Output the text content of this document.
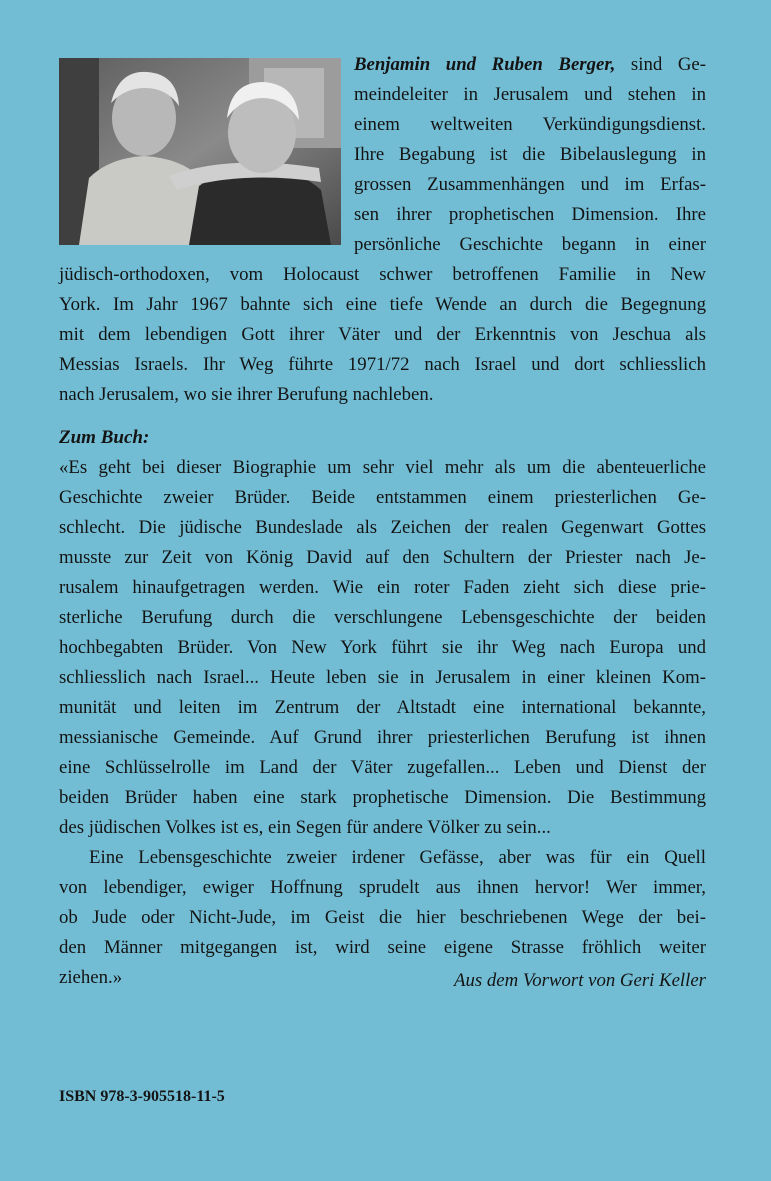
Benjamin und Ruben Berger, sind Ge-
meindeleiter in Jerusalem und stehen in
einem weltweiten Verkündigungsdienst.
Ihre Begabung ist die Bibelauslegung in
grossen Zusammenhängen und im Erfas-
sen ihrer prophetischen Dimension. Ihre
persönliche Geschichte begann in einer
jüdisch-orthodoxen, vom Holocaust schwer betroffenen Familie in New
York. Im Jahr 1967 bahnte sich eine tiefe Wende an durch die Begegnung
mit dem lebendigen Gott ihrer Väter und der Erkenntnis von Jeschua als
Messias Israels. Ihr Weg führte 1971/72 nach Israel und dort schliesslich
nach Jerusalem, wo sie ihrer Berufung nachleben.
Zum Buch:
«Es geht bei dieser Biographie um sehr viel mehr als um die abenteuerliche
Geschichte zweier Brüder. Beide entstammen einem priesterlichen Ge-
schlecht. Die jüdische Bundeslade als Zeichen der realen Gegenwart Gottes
musste zur Zeit von König David auf den Schultern der Priester nach Je-
rusalem hinaufgetragen werden. Wie ein roter Faden zieht sich diese prie-
sterliche Berufung durch die verschlungene Lebensgeschichte der beiden
hochbegabten Brüder. Von New York führt sie ihr Weg nach Europa und
schliesslich nach Israel... Heute leben sie in Jerusalem in einer kleinen Kom-
munität und leiten im Zentrum der Altstadt eine international bekannte,
messianische Gemeinde. Auf Grund ihrer priesterlichen Berufung ist ihnen
eine Schlüsselrolle im Land der Väter zugefallen... Leben und Dienst der
beiden Brüder haben eine stark prophetische Dimension. Die Bestimmung
des jüdischen Volkes ist es, ein Segen für andere Völker zu sein...
Eine Lebensgeschichte zweier irdener Gefässe, aber was für ein Quell
von lebendiger, ewiger Hoffnung sprudelt aus ihnen hervor! Wer immer,
ob Jude oder Nicht-Jude, im Geist die hier beschriebenen Wege der bei-
den Männer mitgegangen ist, wird seine eigene Strasse fröhlich weiter
ziehen.»	Aus dem Vorwort von Geri Keller
ISBN 978-3-905518-11-5
